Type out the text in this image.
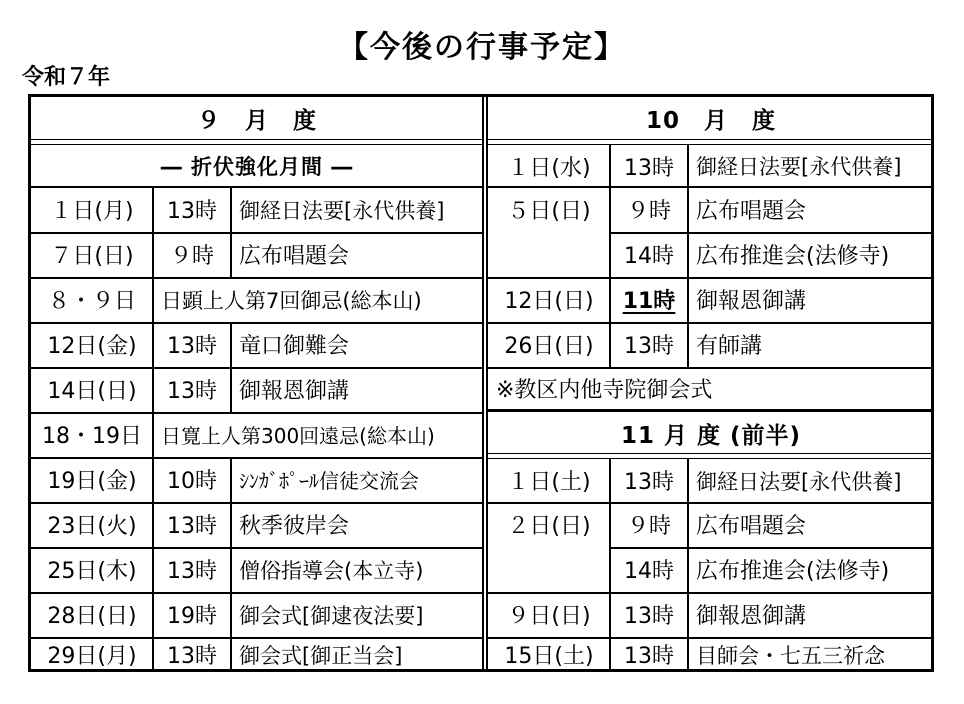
【今後の行事予定】
令和７年
９　月　度
― 折伏強化月間 ―
１日(月)	13時	御経日法要[永代供養]
７日(日)	９時	広布唱題会
８・９日	日顕上人第7回御忌(総本山)
12日(金)	13時	竜口御難会
14日(日)	13時	御報恩御講
18・19日 日寛上人第300回遠忌(総本山)
19日(金)	10時	ｼﾝｶﾞﾎﾟｰﾙ信徒交流会
23日(火)	13時	秋季彼岸会
25日(木)	13時	僧俗指導会(本立寺)
28日(日)	19時	御会式[御逮夜法要]
29日(月)	13時	御会式[御正当会]
10　月　度
１日(水)	13時	御経日法要[永代供養]
５日(日)	９時	広布唱題会
14時	広布推進会(法修寺)
12日(日)	11時 御報恩御講
26日(日)	13時	有師講
※教区内他寺院御会式
11 月 度 (前半)
１日(土)	13時	御経日法要[永代供養]
２日(日)	９時	広布唱題会
14時	広布推進会(法修寺)
９日(日)	13時	御報恩御講
15日(土)	13時	目師会・七五三祈念
